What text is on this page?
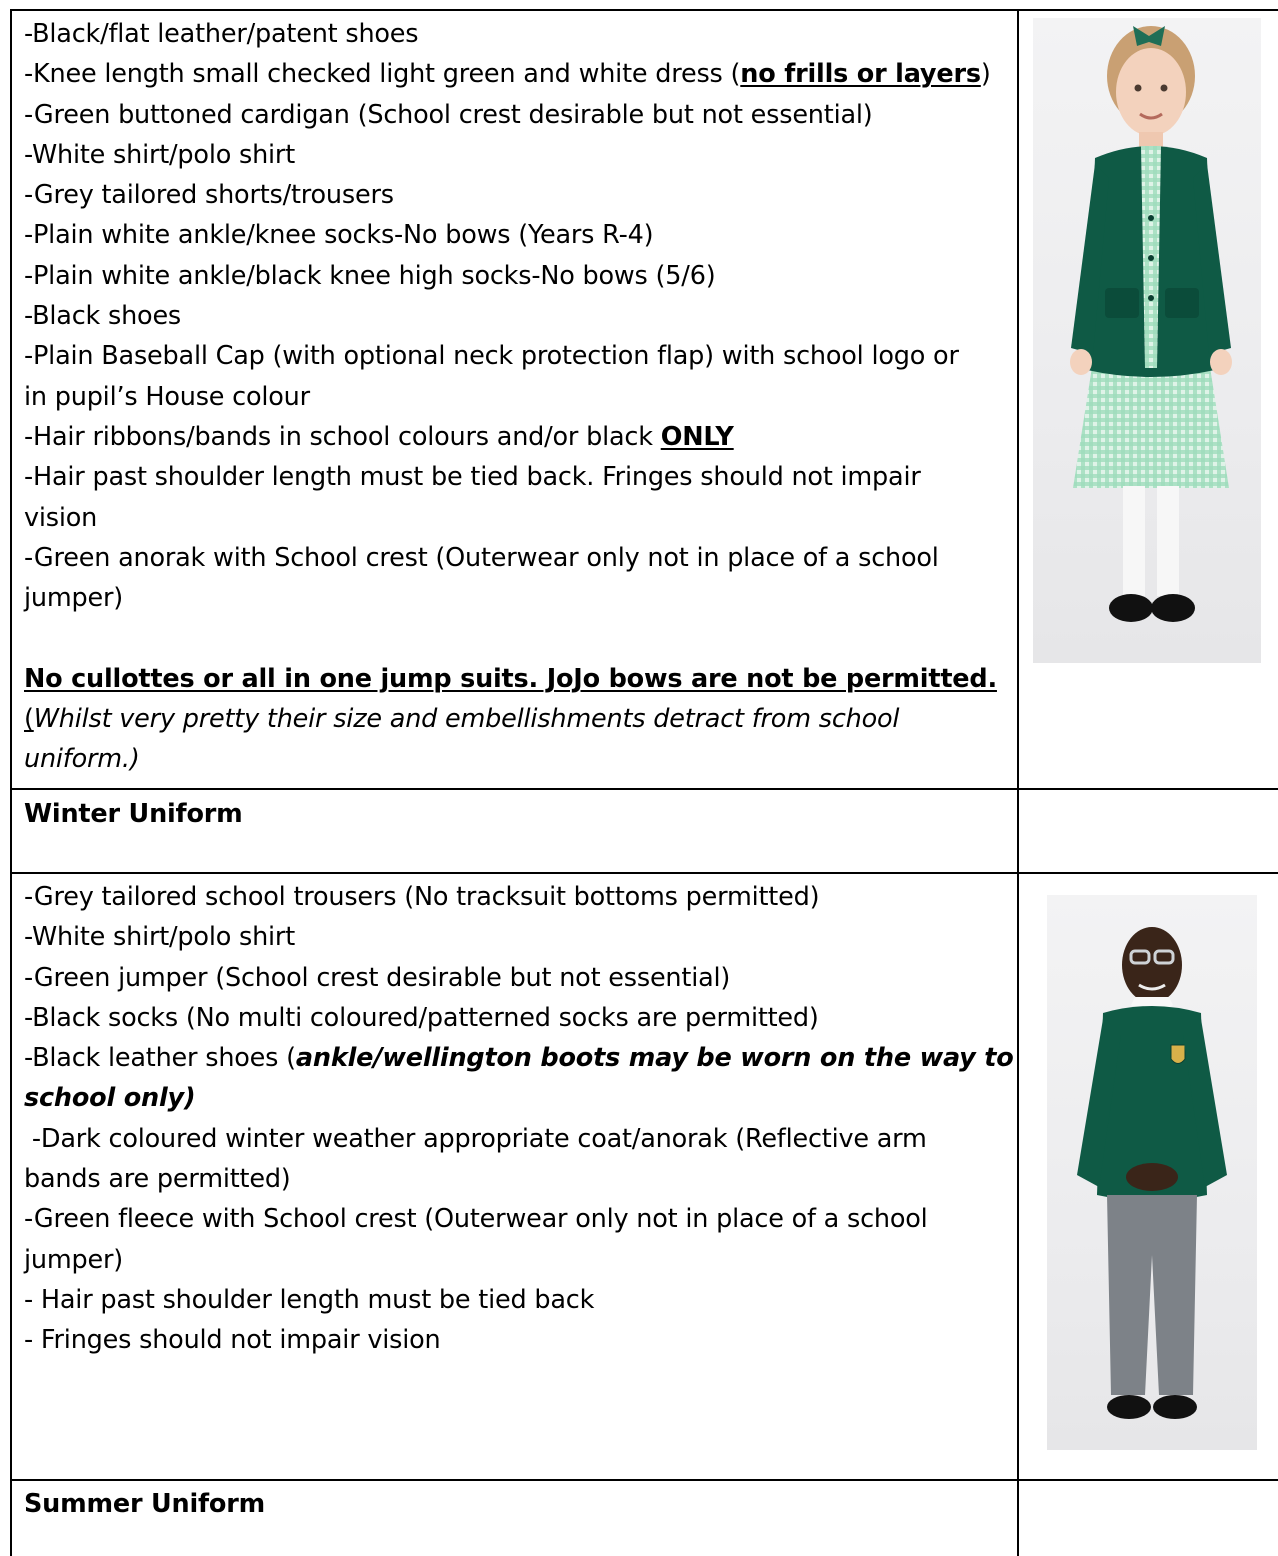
-Black/flat leather/patent shoes
-Knee length small checked light green and white dress (no frills or layers)
-Green buttoned cardigan (School crest desirable but not essential)
-White shirt/polo shirt
-Grey tailored shorts/trousers
-Plain white ankle/knee socks-No bows (Years R-4)
-Plain white ankle/black knee high socks-No bows (5/6)
-Black shoes
-Plain Baseball Cap (with optional neck protection flap) with school logo or
in pupil’s House colour
-Hair ribbons/bands in school colours and/or black ONLY
-Hair past shoulder length must be tied back. Fringes should not impair
vision
-Green anorak with School crest (Outerwear only not in place of a school
jumper)
No cullottes or all in one jump suits. JoJo bows are not be permitted.
(Whilst very pretty their size and embellishments detract from school
uniform.)
Winter Uniform
-Grey tailored school trousers (No tracksuit bottoms permitted)
-White shirt/polo shirt
-Green jumper (School crest desirable but not essential)
-Black socks (No multi coloured/patterned socks are permitted)
-Black leather shoes (ankle/wellington boots may be worn on the way to
school only)
-Dark coloured winter weather appropriate coat/anorak (Reflective arm
bands are permitted)
-Green fleece with School crest (Outerwear only not in place of a school
jumper)
- Hair past shoulder length must be tied back
- Fringes should not impair vision
Summer Uniform
